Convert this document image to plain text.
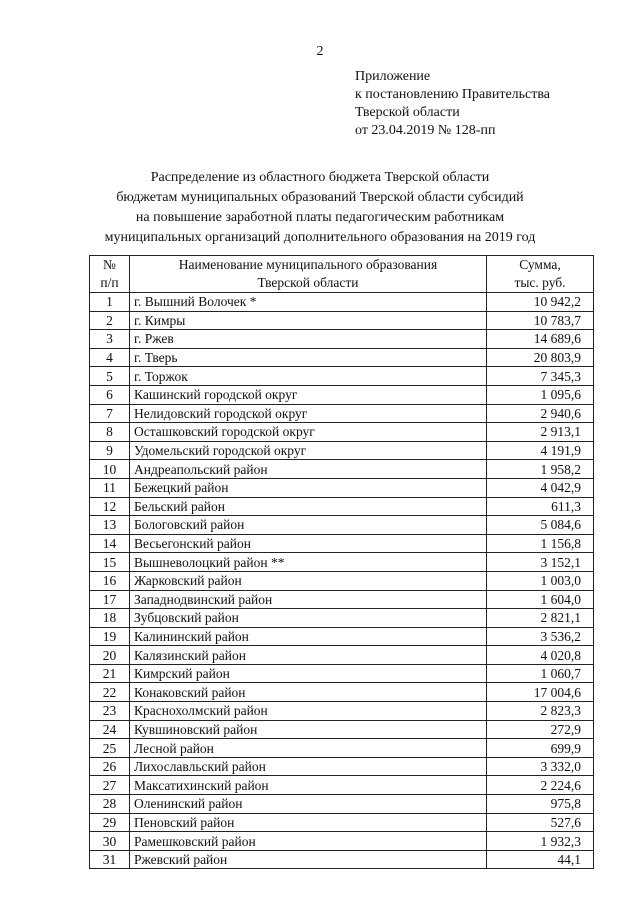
2
Приложение
к постановлению Правительства
Тверской области
от 23.04.2019 № 128-пп
Распределение из областного бюджета Тверской области
бюджетам муниципальных образований Тверской области субсидий
на повышение заработной платы педагогическим работникам
муниципальных организаций дополнительного образования на 2019 год
№	Наименование муниципального образования	Сумма,
п/п	Тверской области	тыс. руб.
1	г. Вышний Волочек *	10 942,2
2	г. Кимры	10 783,7
3	г. Ржев	14 689,6
4	г. Тверь	20 803,9
5	г. Торжок	7 345,3
6	Кашинский городской округ	1 095,6
7	Нелидовский городской округ	2 940,6
8	Осташковский городской округ	2 913,1
9	Удомельский городской округ	4 191,9
10	Андреапольский район	1 958,2
11	Бежецкий район	4 042,9
12	Бельский район	611,3
13	Бологовский район	5 084,6
14	Весьегонский район	1 156,8
15	Вышневолоцкий район **	3 152,1
16	Жарковский район	1 003,0
17	Западнодвинский район	1 604,0
18	Зубцовский район	2 821,1
19	Калининский район	3 536,2
20	Калязинский район	4 020,8
21	Кимрский район	1 060,7
22	Конаковский район	17 004,6
23	Краснохолмский район	2 823,3
24	Кувшиновский район	272,9
25	Лесной район	699,9
26	Лихославльский район	3 332,0
27	Максатихинский район	2 224,6
28	Оленинский район	975,8
29	Пеновский район	527,6
30	Рамешковский район	1 932,3
31	Ржевский район	44,1
